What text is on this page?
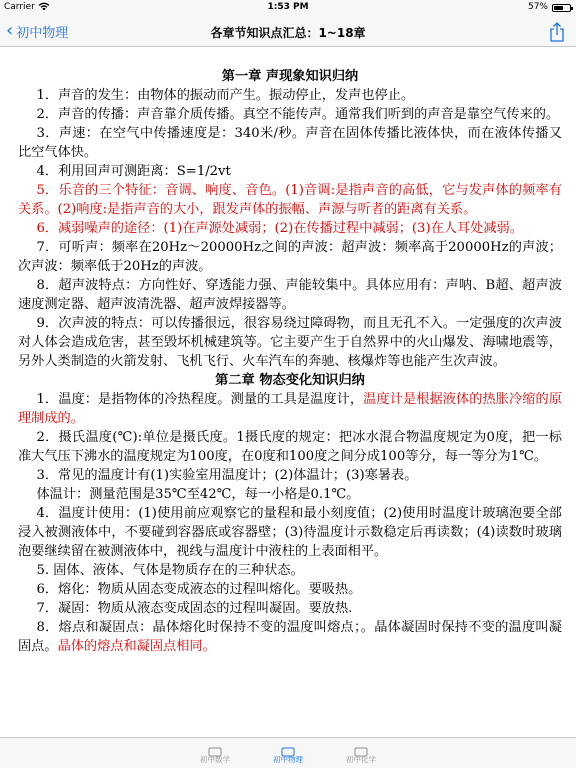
Carrier	1:53 PM	57%
‹ 初中物理	各章节知识点汇总：1~18章
第一章 声现象知识归纳

1．声音的发生：由物体的振动而产生。振动停止，发声也停止。

2．声音的传播：声音靠介质传播。真空不能传声。通常我们听到的声音是靠空气传来的。

3．声速：在空气中传播速度是：340米/秒。声音在固体传播比液体快，而在液体传播又比空气体快。

4．利用回声可测距离：S=1/2vt

5．乐音的三个特征：音调、响度、音色。(1)音调:是指声音的高低，它与发声体的频率有关系。(2)响度:是指声音的大小，跟发声体的振幅、声源与听者的距离有关系。

6．减弱噪声的途径：(1)在声源处减弱；(2)在传播过程中减弱；(3)在人耳处减弱。

7．可听声：频率在20Hz～20000Hz之间的声波：超声波：频率高于20000Hz的声波；次声波：频率低于20Hz的声波。

8．超声波特点：方向性好、穿透能力强、声能较集中。具体应用有：声呐、B超、超声波速度测定器、超声波清洗器、超声波焊接器等。

9．次声波的特点：可以传播很远，很容易绕过障碍物，而且无孔不入。一定强度的次声波对人体会造成危害，甚至毁坏机械建筑等。它主要产生于自然界中的火山爆发、海啸地震等，另外人类制造的火箭发射、飞机飞行、火车汽车的奔驰、核爆炸等也能产生次声波。

第二章 物态变化知识归纳

1．温度：是指物体的冷热程度。测量的工具是温度计，温度计是根据液体的热胀冷缩的原理制成的。

2．摄氏温度(℃):单位是摄氏度。1摄氏度的规定：把冰水混合物温度规定为0度，把一标准大气压下沸水的温度规定为100度，在0度和100度之间分成100等分，每一等分为1℃。

3．常见的温度计有(1)实验室用温度计；(2)体温计；(3)寒暑表。

体温计：测量范围是35℃至42℃，每一小格是0.1℃。

4．温度计使用：(1)使用前应观察它的量程和最小刻度值；(2)使用时温度计玻璃泡要全部浸入被测液体中，不要碰到容器底或容器壁；(3)待温度计示数稳定后再读数；(4)读数时玻璃泡要继续留在被测液体中，视线与温度计中液柱的上表面相平。

5. 固体、液体、气体是物质存在的三种状态。

6．熔化：物质从固态变成液态的过程叫熔化。要吸热。

7．凝固：物质从液态变成固态的过程叫凝固。要放热.

8．熔点和凝固点：晶体熔化时保持不变的温度叫熔点；。晶体凝固时保持不变的温度叫凝固点。晶体的熔点和凝固点相同。

初中数学	初中物理	初中化学
